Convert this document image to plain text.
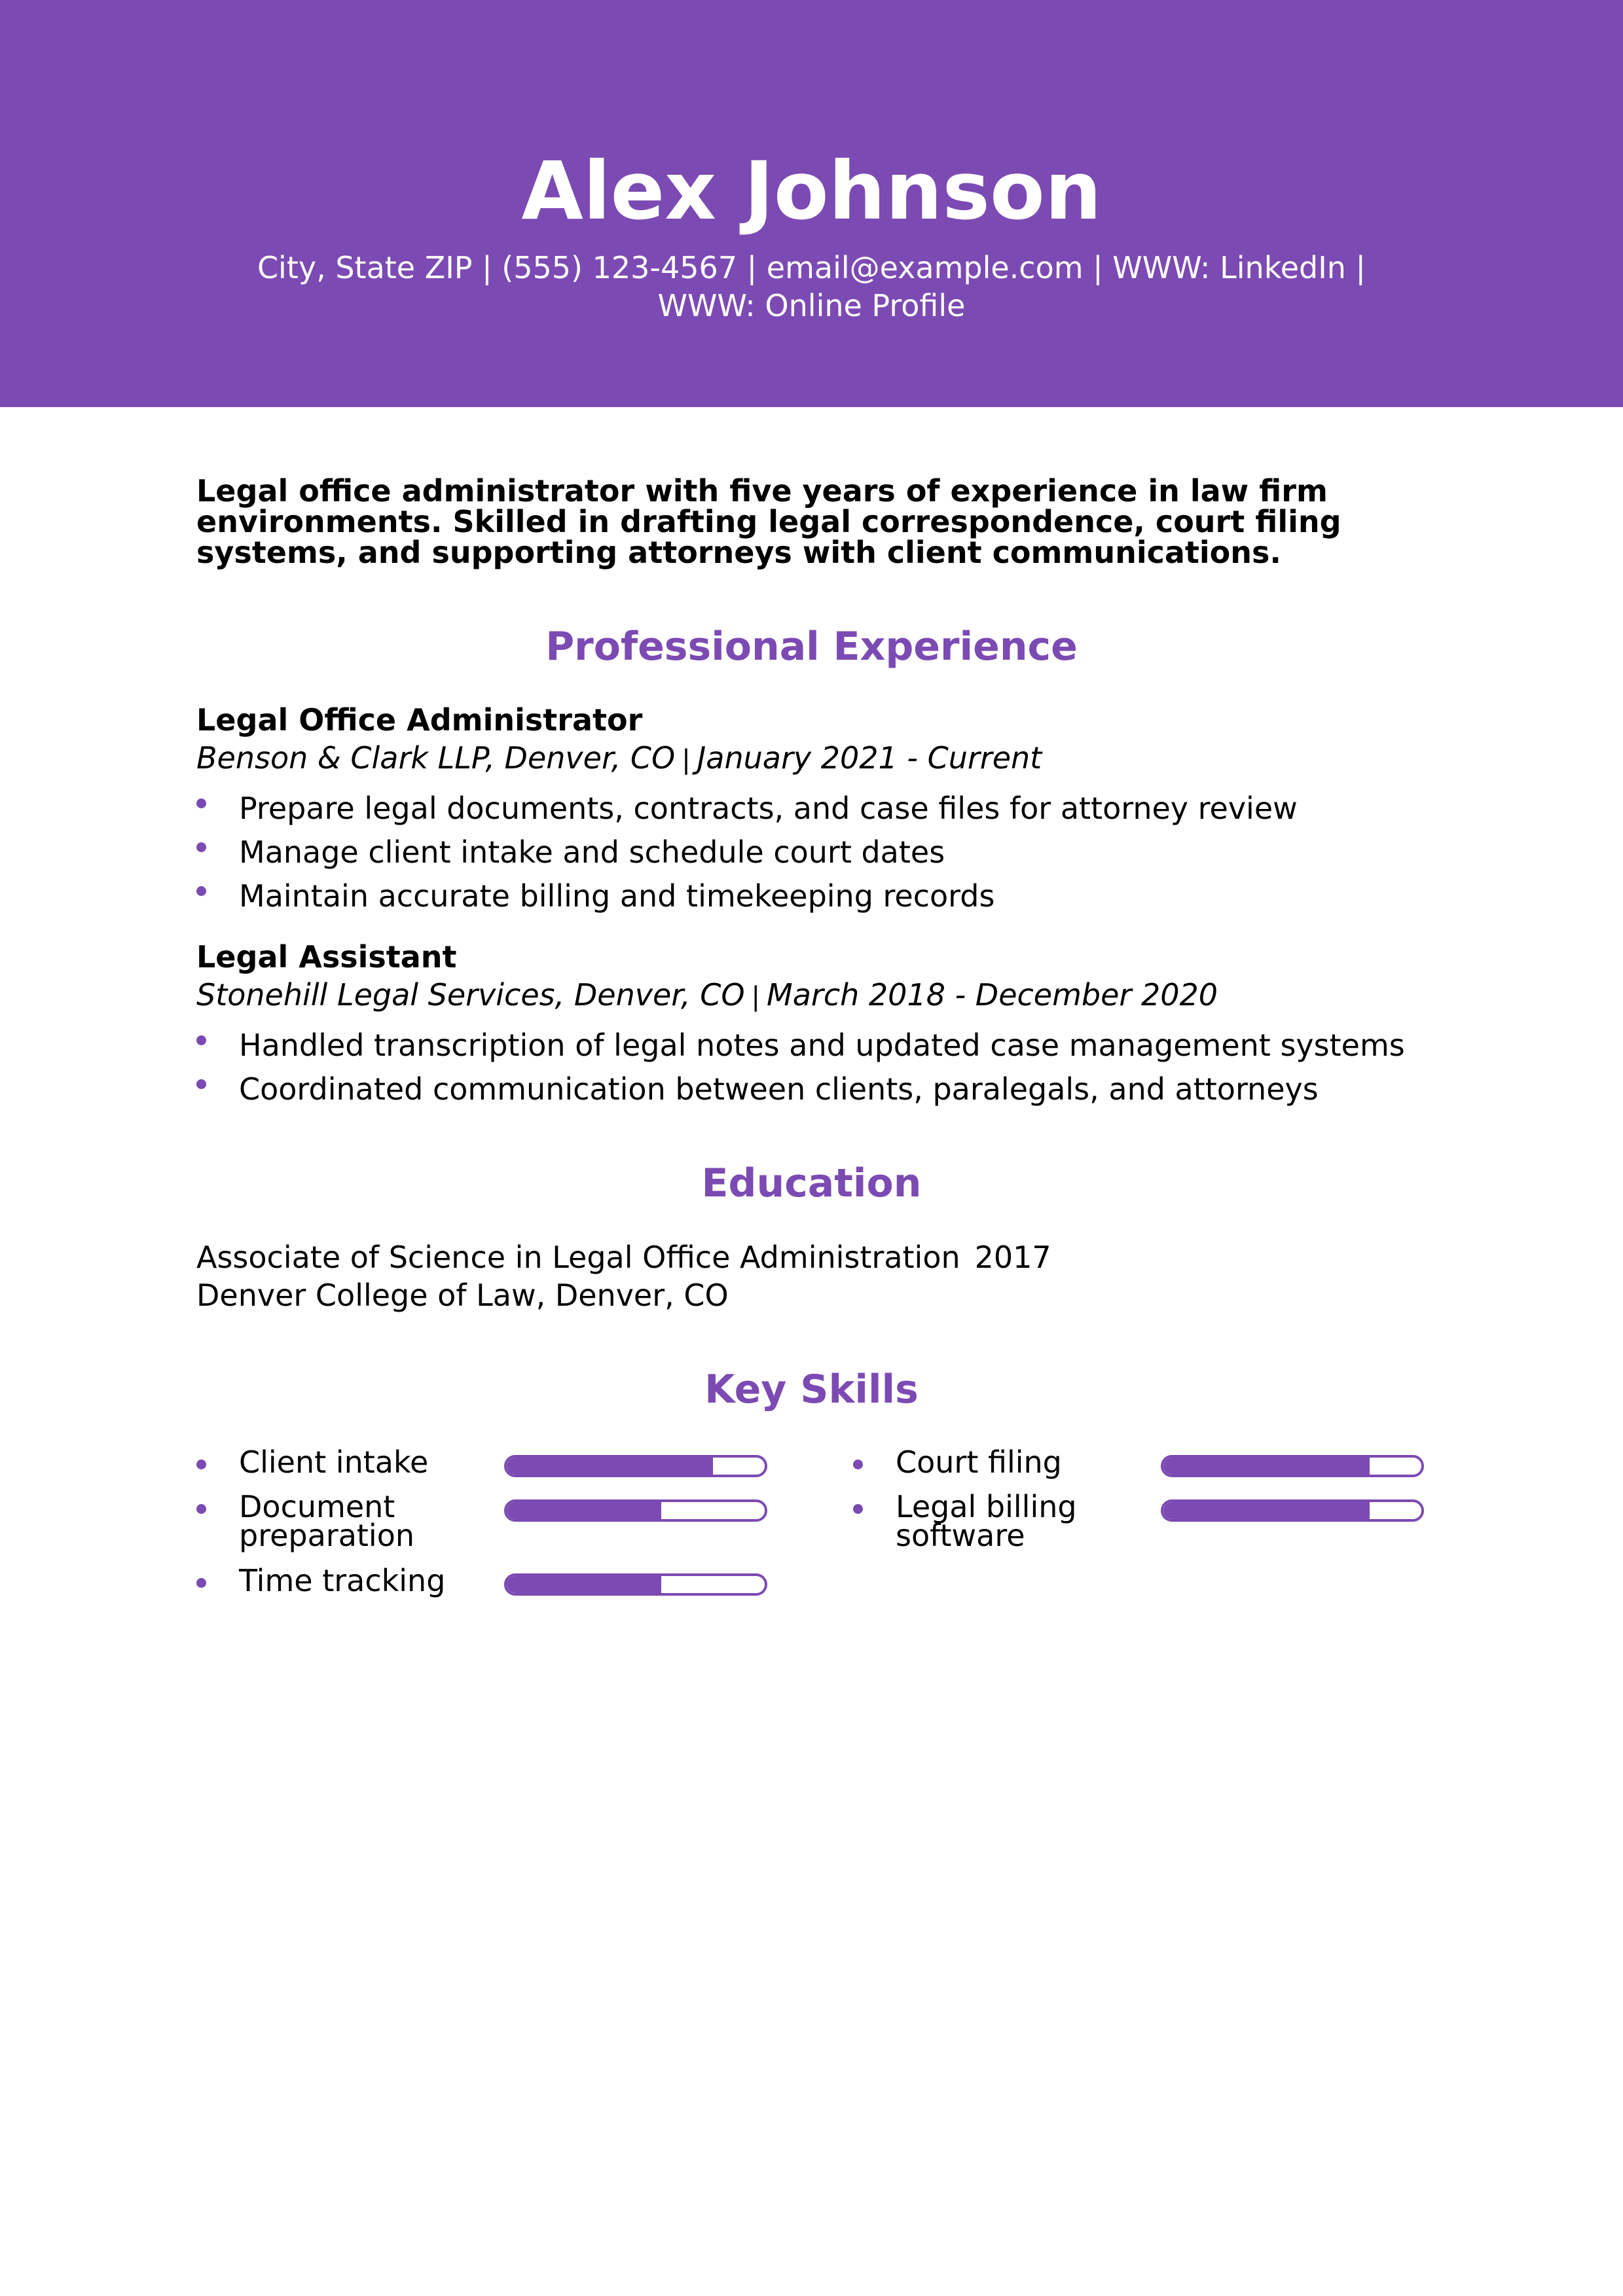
Alex Johnson
City, State ZIP | (555) 123-4567 | email@example.com | WWW: LinkedIn |
WWW: Online Profile
Legal office administrator with five years of experience in law firm environments. Skilled in drafting legal correspondence, court filing systems, and supporting attorneys with client communications.
Professional Experience
Legal Office Administrator
Benson & Clark LLP, Denver, CO | January 2021 - Current
Prepare legal documents, contracts, and case files for attorney review
Manage client intake and schedule court dates
Maintain accurate billing and timekeeping records
Legal Assistant
Stonehill Legal Services, Denver, CO | March 2018 - December 2020
Handled transcription of legal notes and updated case management systems
Coordinated communication between clients, paralegals, and attorneys
Education
Associate of Science in Legal Office Administration 2017
Denver College of Law, Denver, CO
Key Skills
Client intake	Court filing
Document preparation
Legal billing software
Time tracking
